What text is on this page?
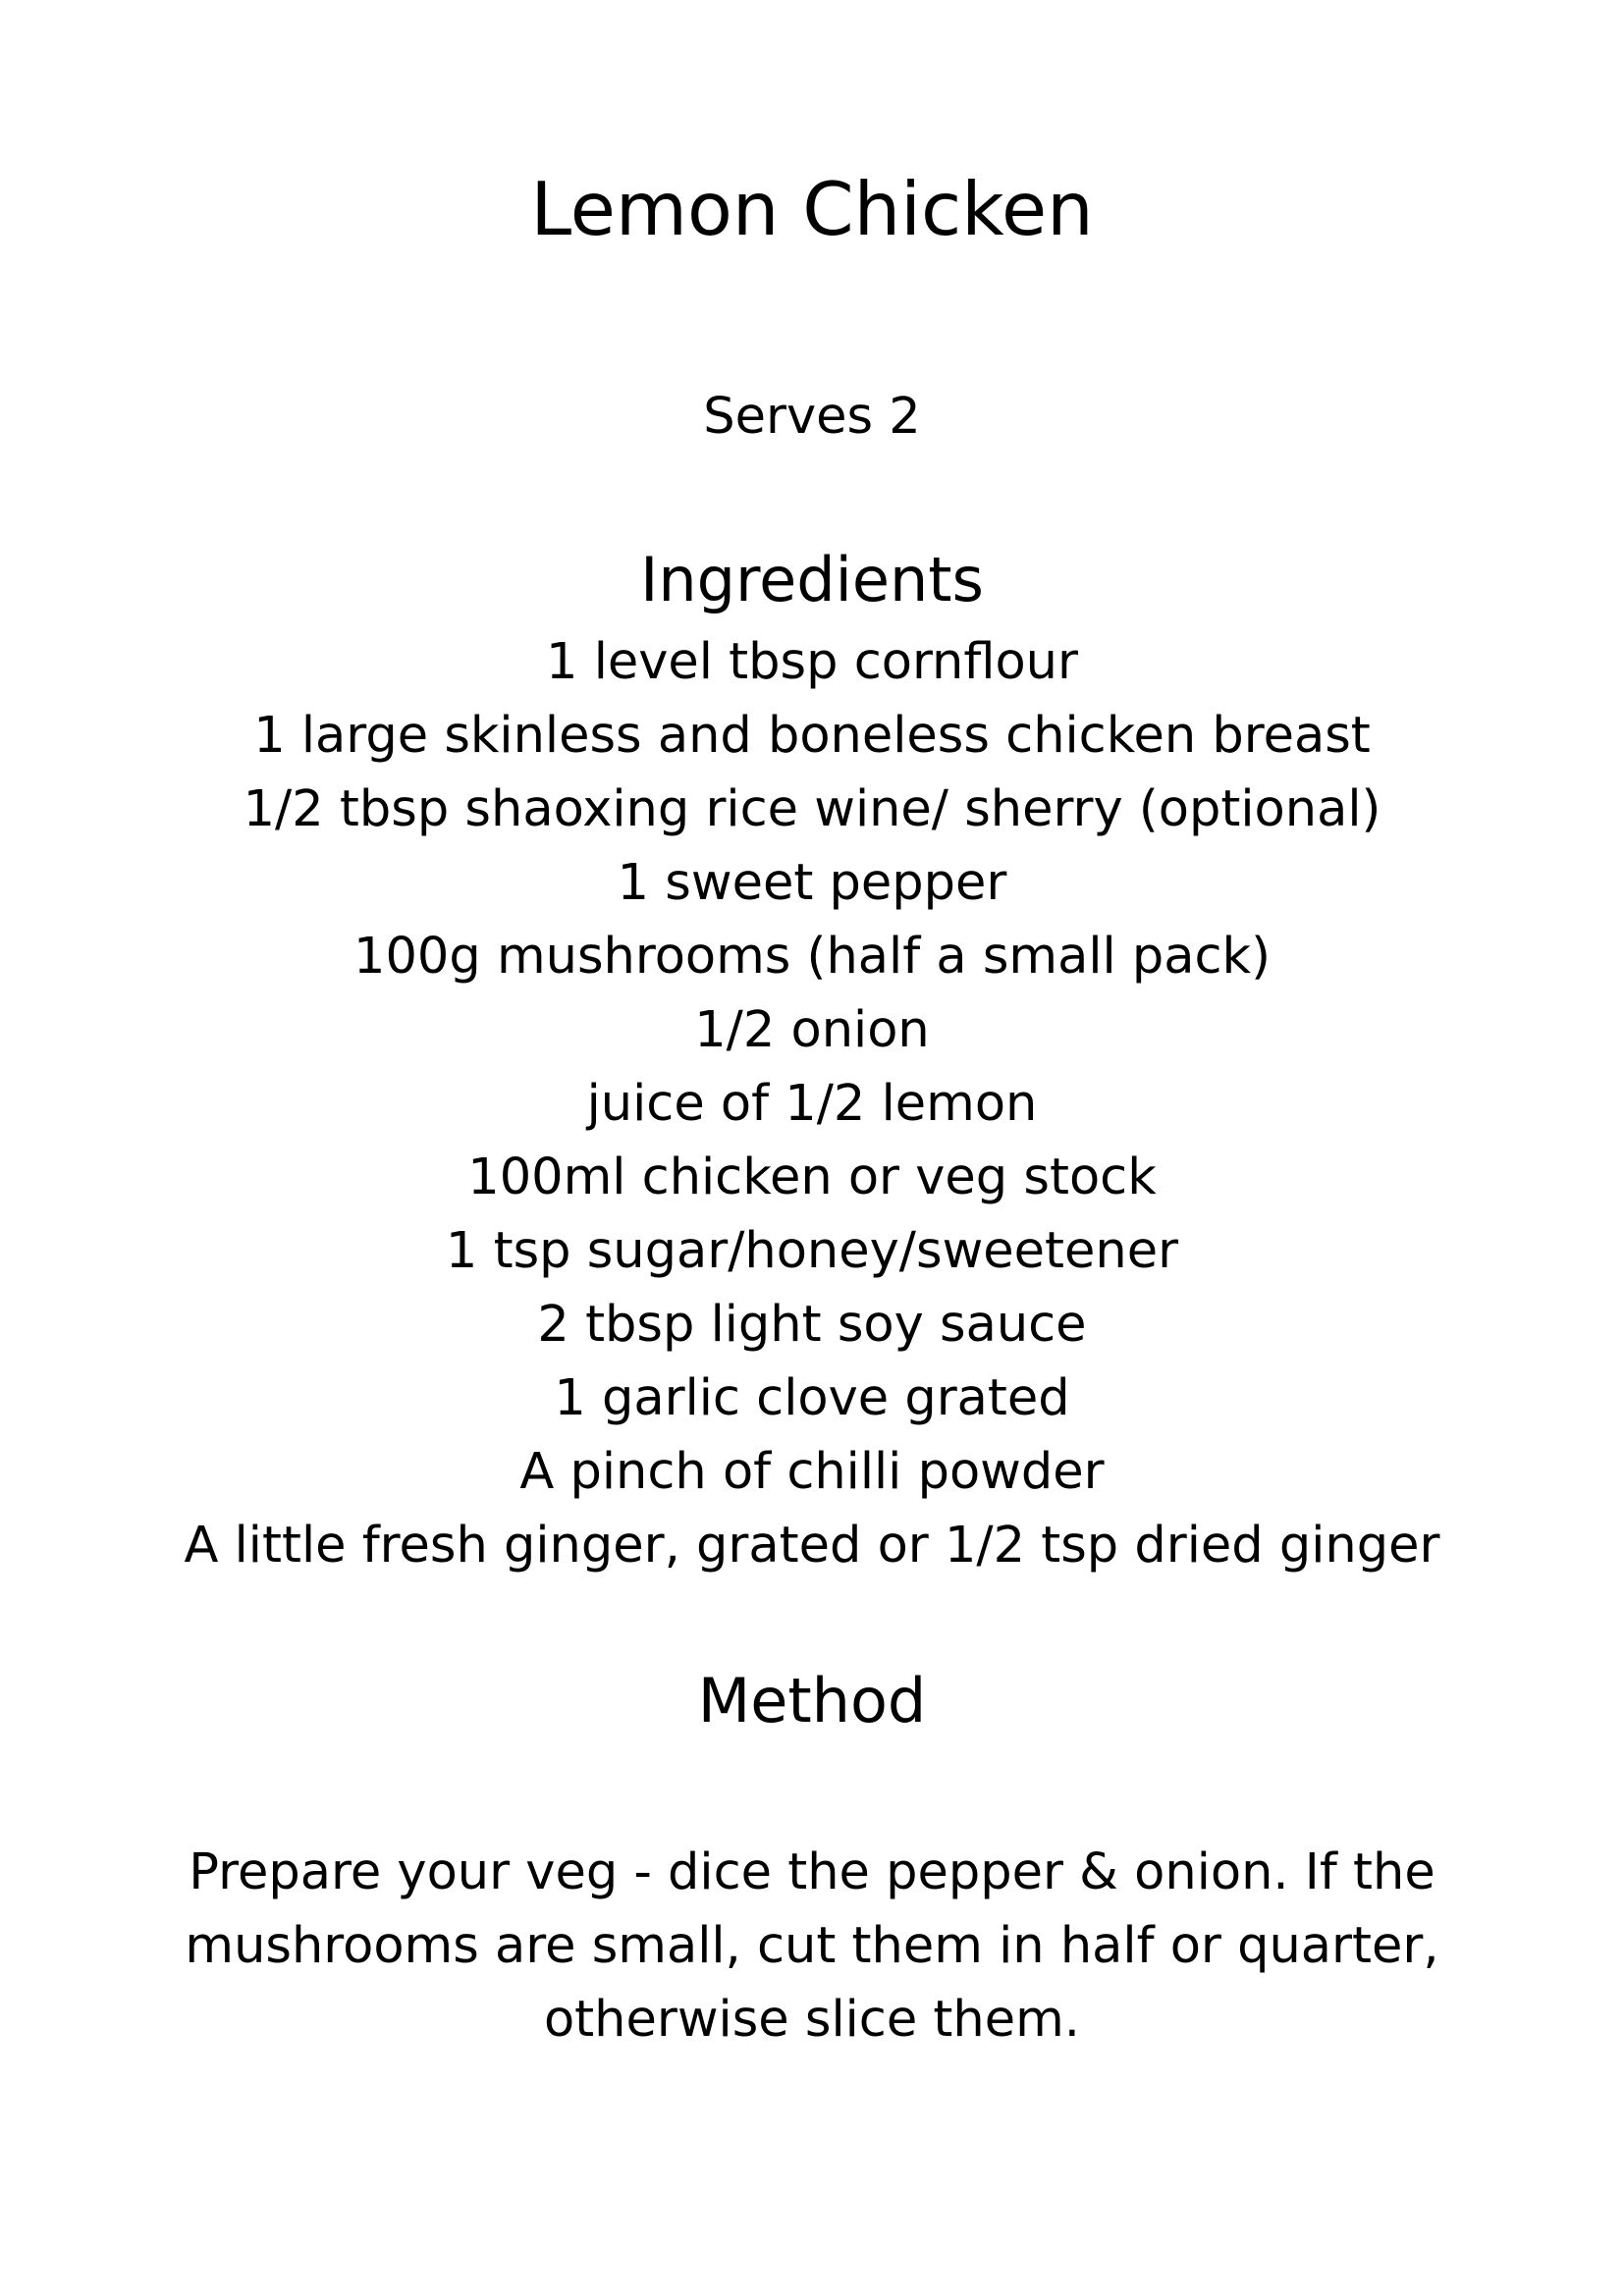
Lemon Chicken

Serves 2

Ingredients
1 level tbsp cornflour
1 large skinless and boneless chicken breast
1/2 tbsp shaoxing rice wine/ sherry (optional)
1 sweet pepper
100g mushrooms (half a small pack)
1/2 onion
juice of 1/2 lemon
100ml chicken or veg stock
1 tsp sugar/honey/sweetener
2 tbsp light soy sauce
1 garlic clove grated
A pinch of chilli powder
A little fresh ginger, grated or 1/2 tsp dried ginger
Method

Prepare your veg - dice the pepper & onion. If the
mushrooms are small, cut them in half or quarter,
otherwise slice them.
